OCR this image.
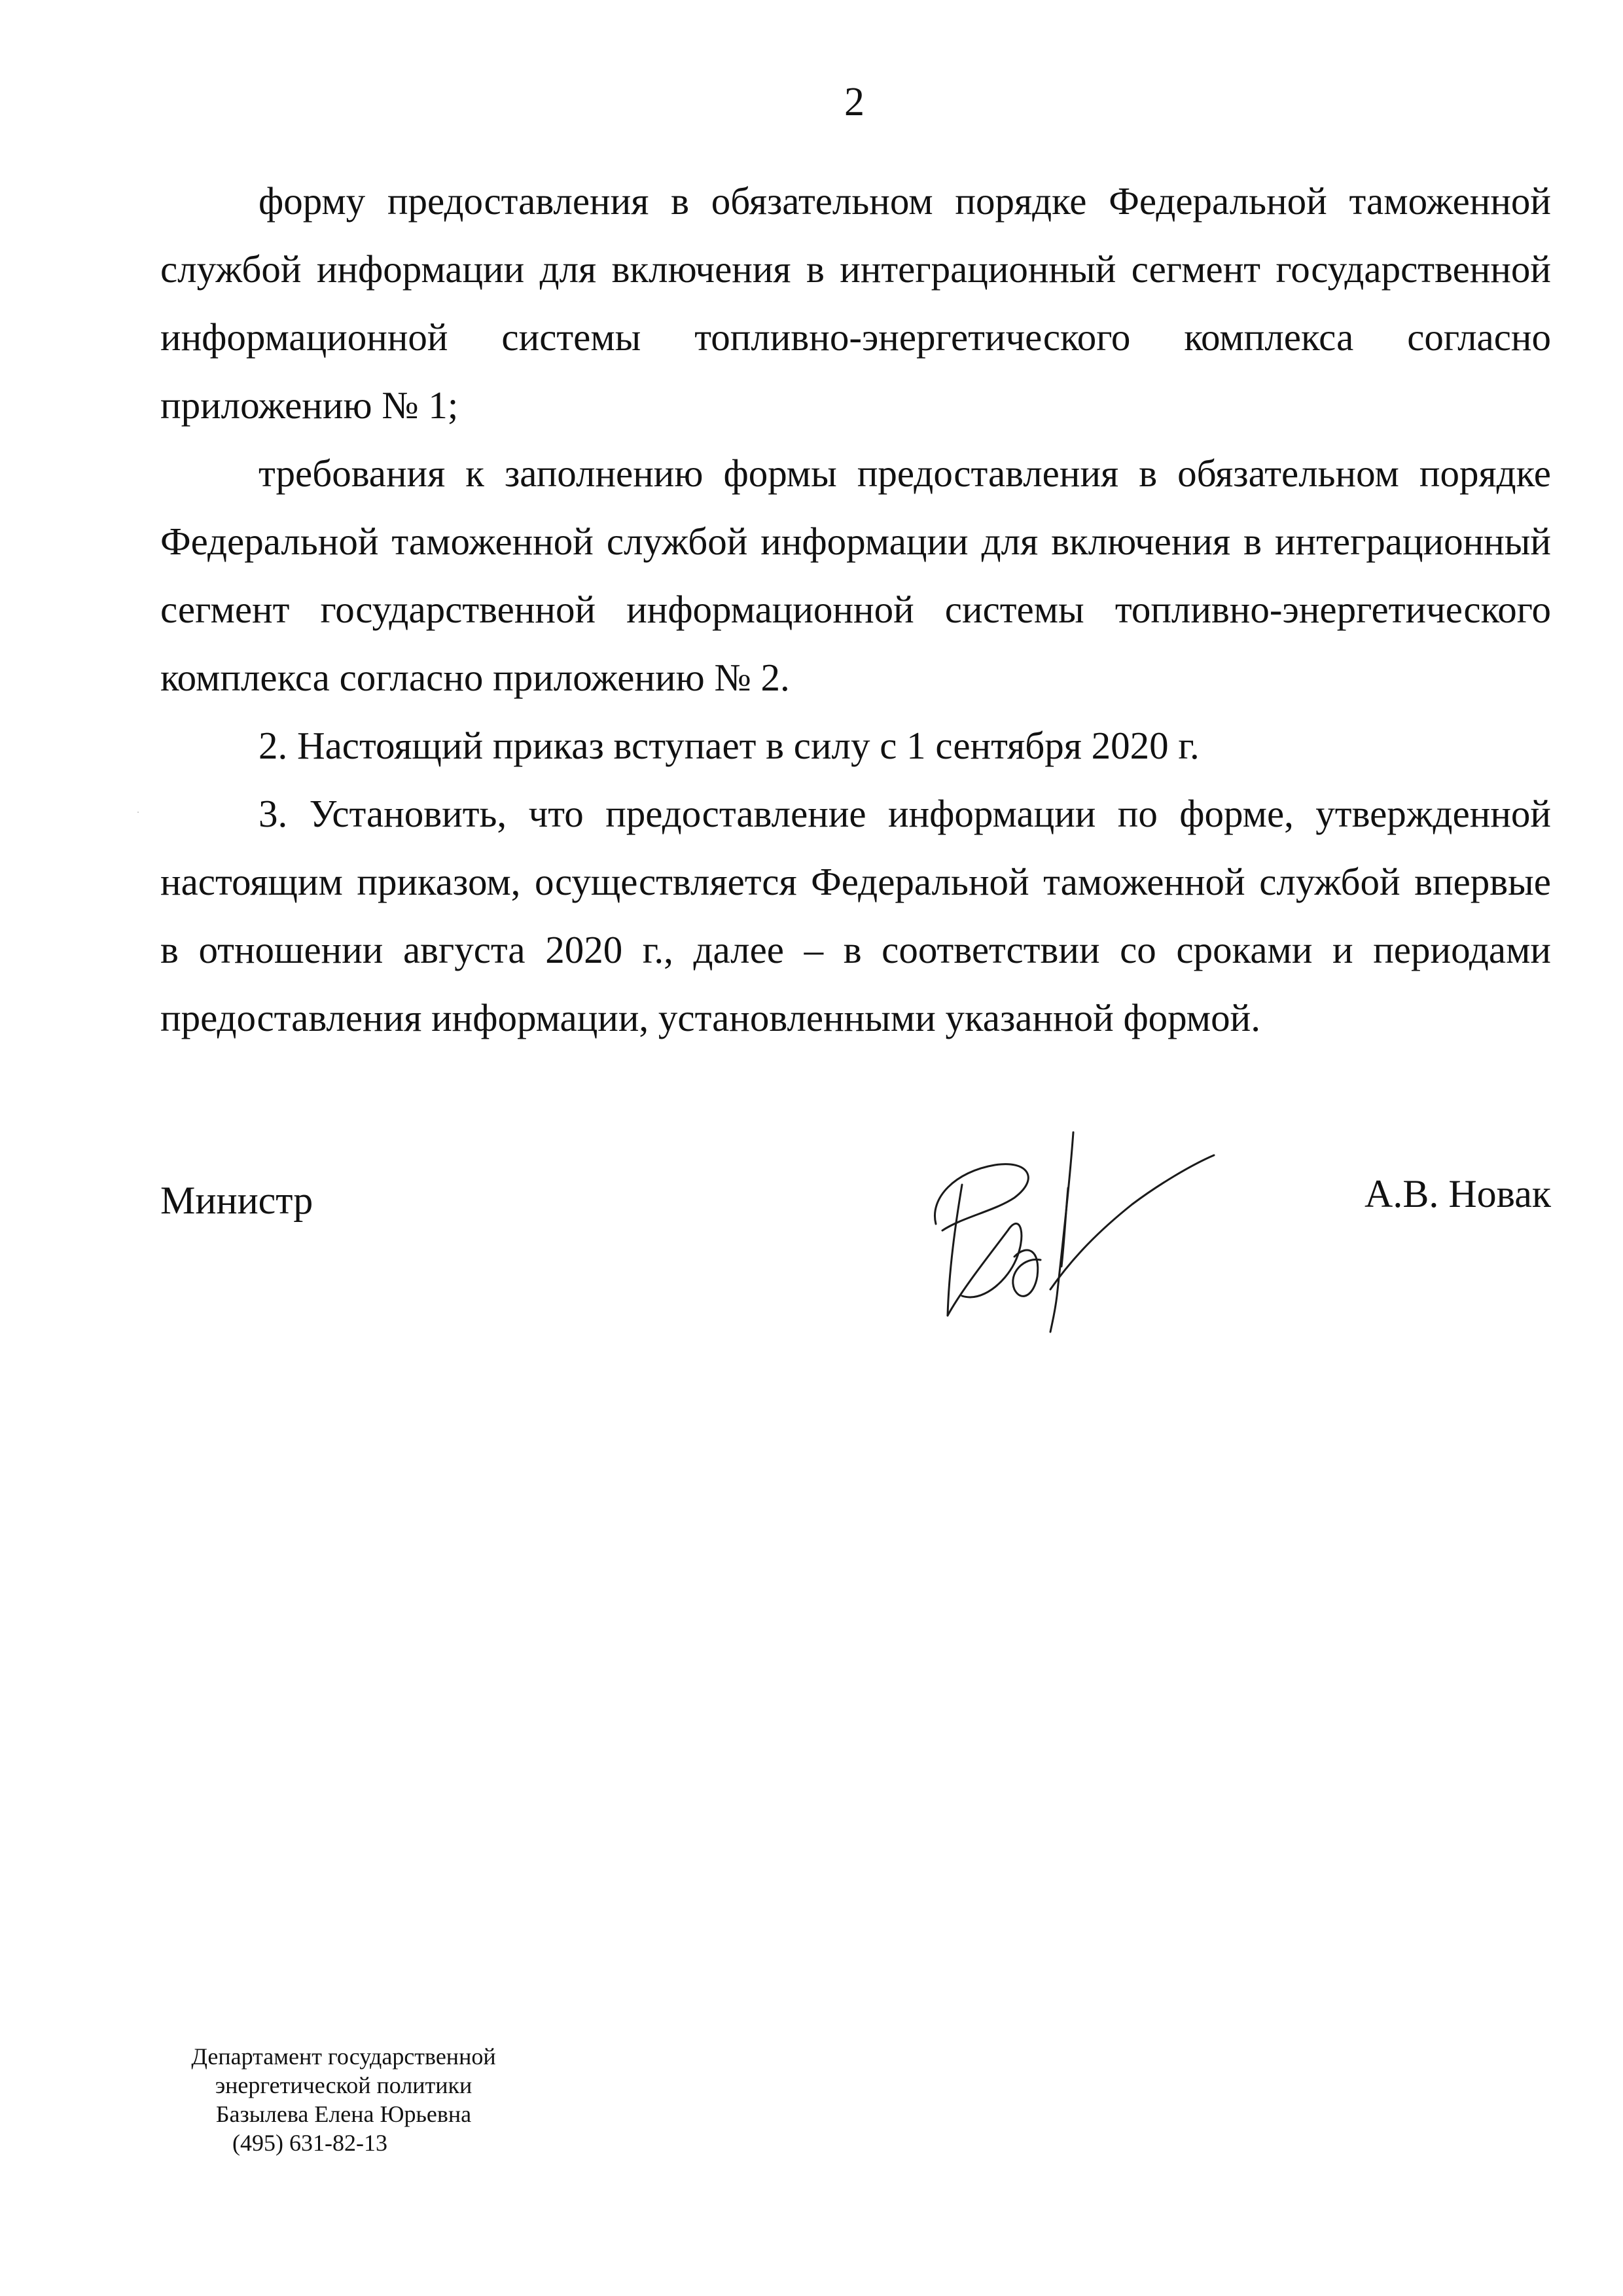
2

форму предоставления в обязательном порядке Федеральной таможенной службой информации для включения в интеграционный сегмент государственной информационной системы топливно-энергетического комплекса согласно приложению № 1;

требования к заполнению формы предоставления в обязательном порядке Федеральной таможенной службой информации для включения в интеграционный сегмент государственной информационной системы топливно-энергетического комплекса согласно приложению № 2.

2. Настоящий приказ вступает в силу с 1 сентября 2020 г.

3. Установить, что предоставление информации по форме, утвержденной настоящим приказом, осуществляется Федеральной таможенной службой впервые в отношении августа 2020 г., далее – в соответствии со сроками и периодами предоставления информации, установленными указанной формой.

Министр	А.В. Новак
Департамент государственной
энергетической политики
Базылева Елена Юрьевна
(495) 631-82-13
